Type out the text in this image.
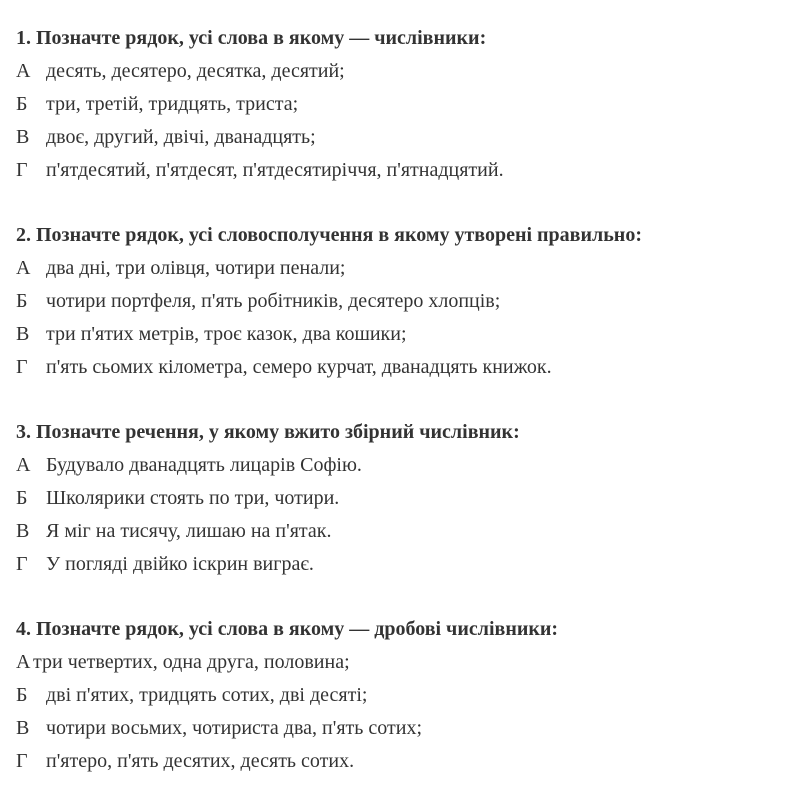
1. Позначте рядок, усі слова в якому — числівники:
А десять, десятеро, десятка, десятий;
Б три, третій, тридцять, триста;
В двоє, другий, двічі, дванадцять;
Г п'ятдесятий, п'ятдесят, п'ятдесятиріччя, п'ятнадцятий.
2. Позначте рядок, усі словосполучення в якому утворені правильно:
А два дні, три олівця, чотири пенали;
Б чотири портфеля, п'ять робітників, десятеро хлопців;
В три п'ятих метрів, троє казок, два кошики;
Г п'ять сьомих кілометра, семеро курчат, дванадцять книжок.
3. Позначте речення, у якому вжито збірний числівник:
А Будувало дванадцять лицарів Софію.
Б Школярики стоять по три, чотири.
В Я міг на тисячу, лишаю на п'ятак.
Г У погляді двійко іскрин виграє.
4. Позначте рядок, усі слова в якому — дробові числівники:
А три четвертих, одна друга, половина;
Б дві п'ятих, тридцять сотих, дві десяті;
В чотири восьмих, чотириста два, п'ять сотих;
Г п'ятеро, п'ять десятих, десять сотих.
